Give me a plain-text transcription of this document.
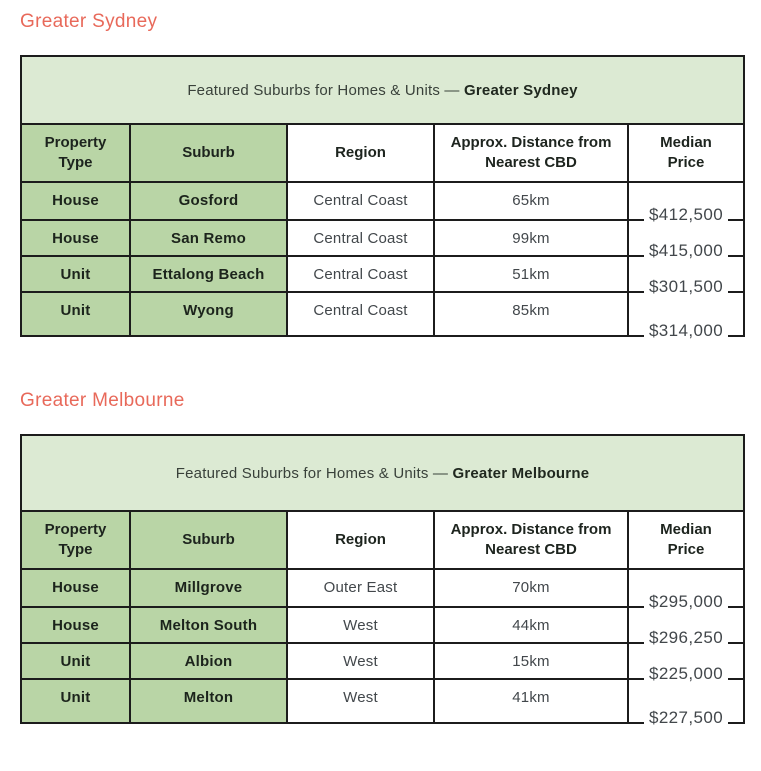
Greater Sydney
Featured Suburbs for Homes & Units — Greater Sydney				
Property Type	Suburb	Region	Approx. Distance from Nearest CBD	Median Price
House	Gosford	Central Coast	65km	$412,500
House	San Remo	Central Coast	99km	$415,000
Unit	Ettalong Beach	Central Coast	51km	$301,500
Unit	Wyong	Central Coast	85km	$314,000
Greater Melbourne
Featured Suburbs for Homes & Units — Greater Melbourne				
Property Type	Suburb	Region	Approx. Distance from Nearest CBD	Median Price
House	Millgrove	Outer East	70km	$295,000
House	Melton South	West	44km	$296,250
Unit	Albion	West	15km	$225,000
Unit	Melton	West	41km	$227,500
